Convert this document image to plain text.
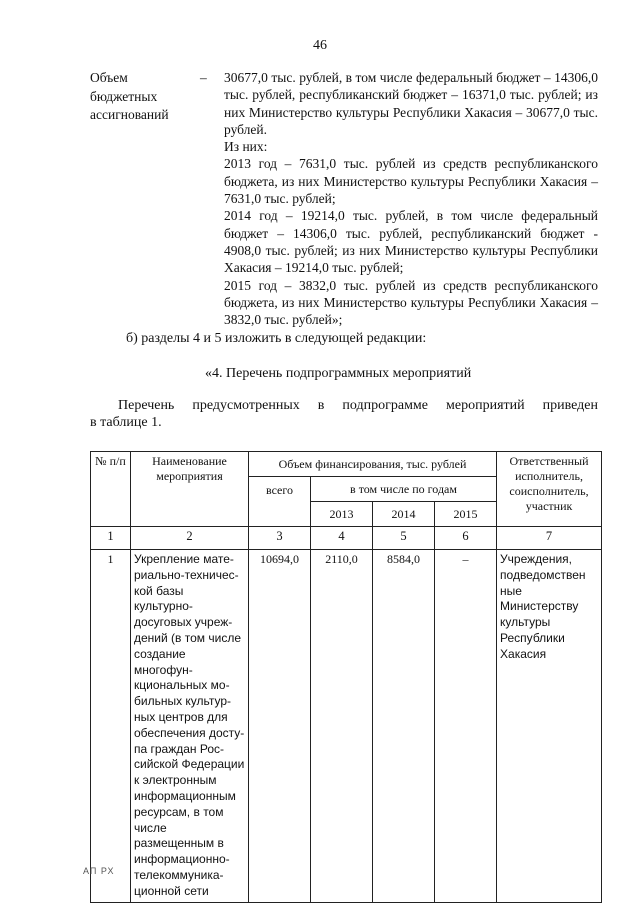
46
Объем бюджетных ассигнований
– 30677,0 тыс. рублей, в том числе федеральный бюджет – 14306,0 тыс. рублей, республиканский бюджет – 16371,0 тыс. рублей; из них Министерство культуры Республики Хакасия – 30677,0 тыс. рублей.

Из них:

2013 год – 7631,0 тыс. рублей из средств республиканского бюджета, из них Министерство культуры Республики Хакасия – 7631,0 тыс. рублей;

2014 год – 19214,0 тыс. рублей, в том числе федеральный бюджет – 14306,0 тыс. рублей, республиканский бюджет - 4908,0 тыс. рублей; из них Министерство культуры Республики Хакасия – 19214,0 тыс. рублей;

2015 год – 3832,0 тыс. рублей из средств республиканского бюджета, из них Министерство культуры Республики Хакасия – 3832,0 тыс. рублей»;

б) разделы 4 и 5 изложить в следующей редакции:
«4. Перечень подпрограммных мероприятий
Перечень предусмотренных в подпрограмме мероприятий приведен
в таблице 1.
№ п/п	Наименование мероприятия	Объем финансирования, тыс. рублей				Ответственный исполнитель, соисполнитель, участник
		всего	в том числе по годам			
			2013	2014	2015	
1	2	3	4	5	6	7
1	Укрепление мате-риально-техничес-кой базы культурно-досуговых учреж-дений (в том числе создание многофун-кциональных мо-бильных культур-ных центров для обеспечения досту-па граждан Рос-сийской Федерации к электронным информационным ресурсам, в том числе размещенным в информационно-телекоммуника-ционной сети	10694,0	2110,0	8584,0	–	Учреждения, подведомствен ные Министерству культуры Республики Хакасия
АП РХ
